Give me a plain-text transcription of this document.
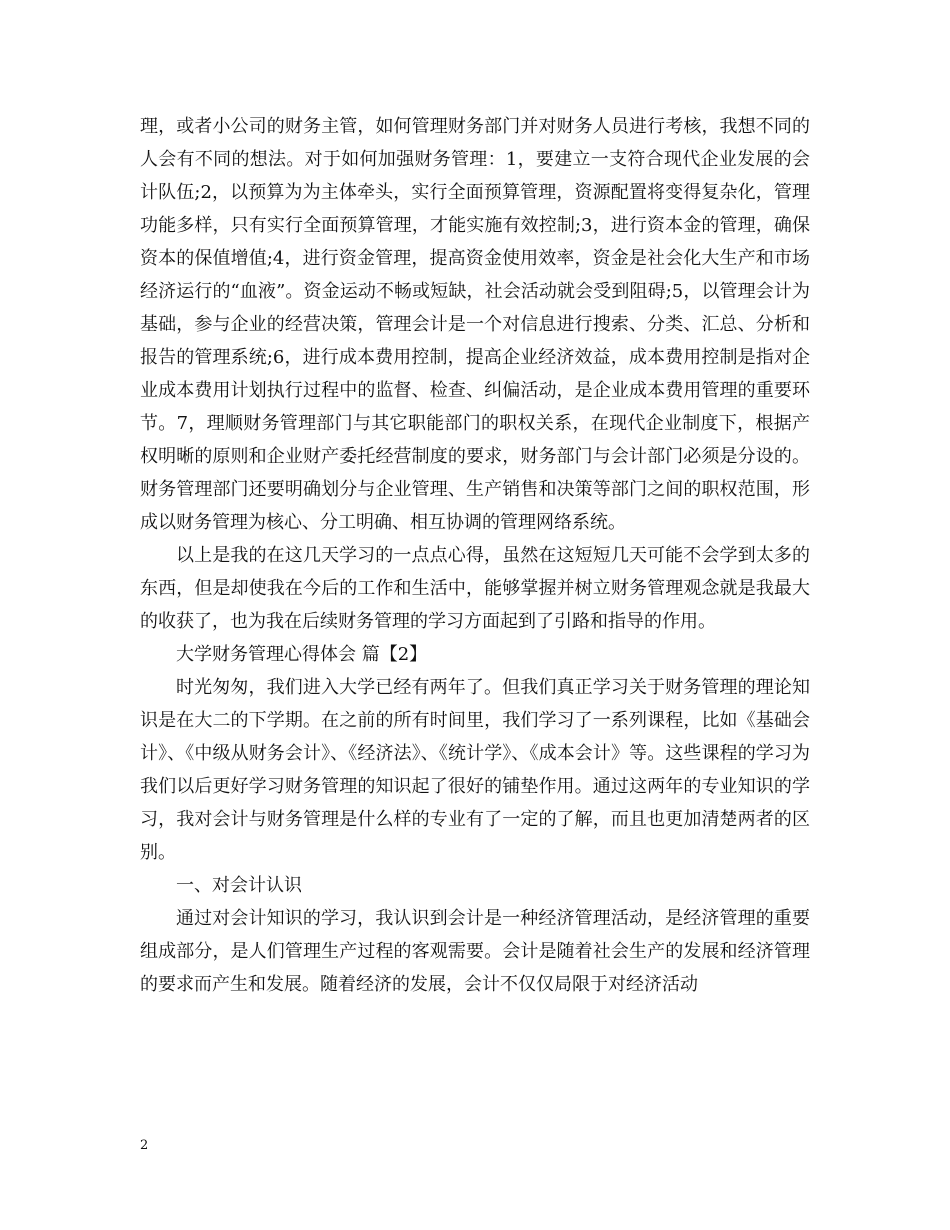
理，或者小公司的财务主管，如何管理财务部门并对财务人员进行考核，我想不同的人会有不同的想法。对于如何加强财务管理：1，要建立一支符合现代企业发展的会计队伍;2，以预算为为主体牵头，实行全面预算管理，资源配置将变得复杂化，管理功能多样，只有实行全面预算管理，才能实施有效控制;3，进行资本金的管理，确保资本的保值增值;4，进行资金管理，提高资金使用效率，资金是社会化大生产和市场经济运行的“血液”。资金运动不畅或短缺，社会活动就会受到阻碍;5，以管理会计为基础，参与企业的经营决策，管理会计是一个对信息进行搜索、分类、汇总、分析和报告的管理系统;6，进行成本费用控制，提高企业经济效益，成本费用控制是指对企业成本费用计划执行过程中的监督、检查、纠偏活动，是企业成本费用管理的重要环节。7，理顺财务管理部门与其它职能部门的职权关系，在现代企业制度下，根据产权明晰的原则和企业财产委托经营制度的要求，财务部门与会计部门必须是分设的。财务管理部门还要明确划分与企业管理、生产销售和决策等部门之间的职权范围，形成以财务管理为核心、分工明确、相互协调的管理网络系统。

以上是我的在这几天学习的一点点心得，虽然在这短短几天可能不会学到太多的东西，但是却使我在今后的工作和生活中，能够掌握并树立财务管理观念就是我最大的收获了，也为我在后续财务管理的学习方面起到了引路和指导的作用。

大学财务管理心得体会 篇【2】

时光匆匆，我们进入大学已经有两年了。但我们真正学习关于财务管理的理论知识是在大二的下学期。在之前的所有时间里，我们学习了一系列课程，比如《基础会计》、《中级从财务会计》、《经济法》、《统计学》、《成本会计》等。这些课程的学习为我们以后更好学习财务管理的知识起了很好的铺垫作用。通过这两年的专业知识的学习，我对会计与财务管理是什么样的专业有了一定的了解，而且也更加清楚两者的区别。

一、对会计认识

通过对会计知识的学习，我认识到会计是一种经济管理活动，是经济管理的重要组成部分，是人们管理生产过程的客观需要。会计是随着社会生产的发展和经济管理的要求而产生和发展。随着经济的发展，会计不仅仅局限于对经济活动

2
